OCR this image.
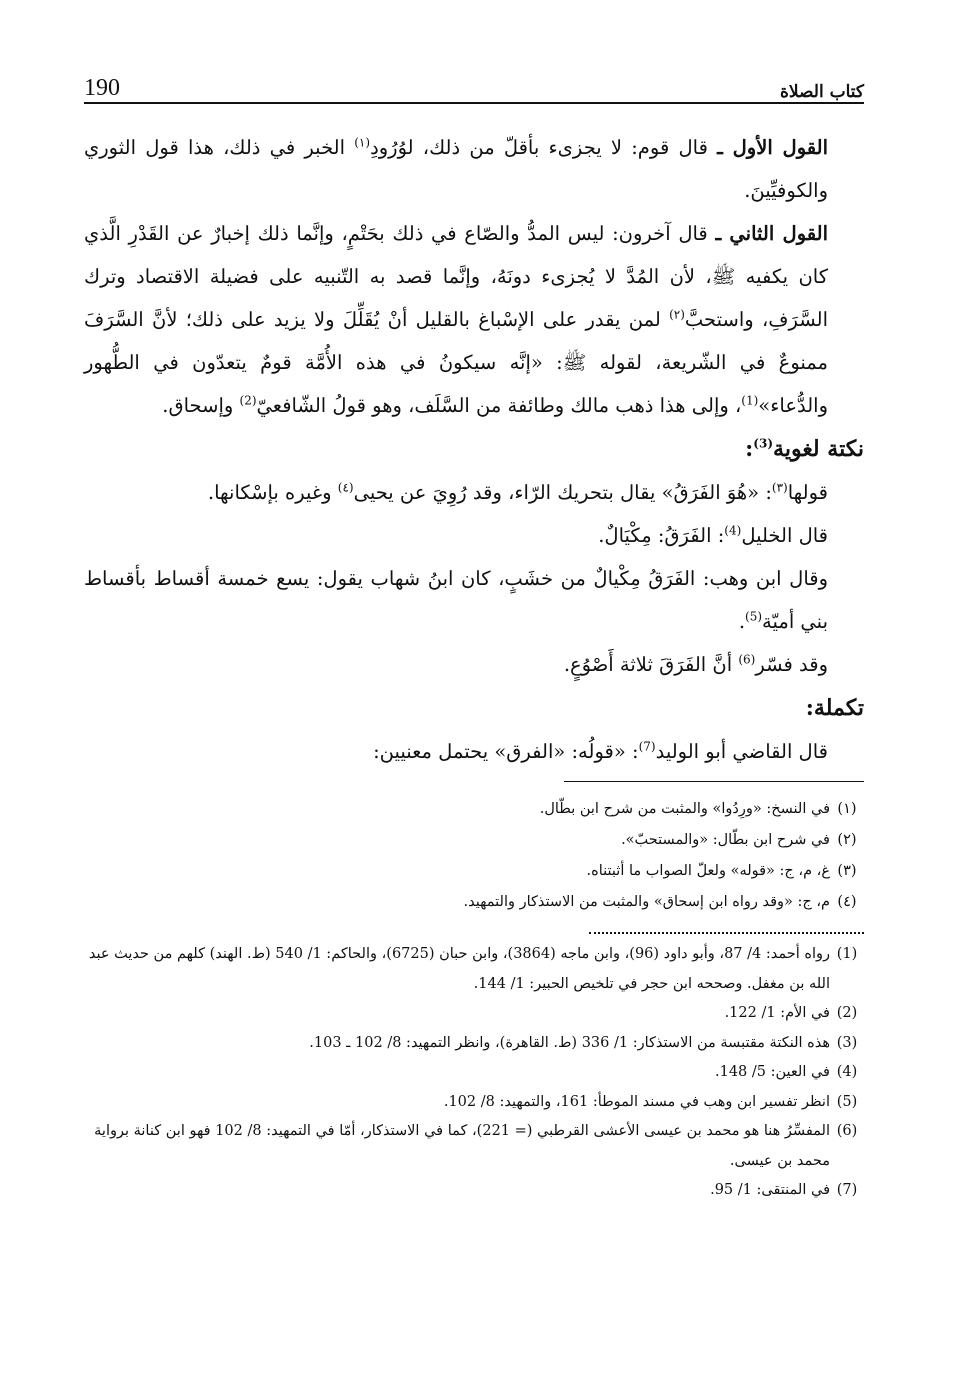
كتاب الصلاة
190

القول الأول ـ قال قوم: لا يجزىء بأقلّ من ذلك، لوُرُودِ$^{(١)}$ الخبر في ذلك، هذا قول الثوري والكوفيِّينَ.

القول الثاني ـ قال آخرون: ليس المدُّ والصّاع في ذلك بحَتْمٍ، وإنَّما ذلك إخبارٌ عن القَدْرِ الَّذي كان يكفيه ﷺ، لأن المُدَّ لا يُجزىء دونَهُ، وإنَّما قصد به التّنبيه على فضيلة الاقتصاد وترك السَّرَفِ، واستحبَّ$^{(٢)}$ لمن يقدر على الإسْباغ بالقليل أنْ يُقَلِّلَ ولا يزيد على ذلك؛ لأنَّ السَّرَفَ ممنوعٌ في الشّريعة، لقوله ﷺ: «إنَّه سيكونُ في هذه الأُمَّة قومٌ يتعدّون في الطُّهور والدُّعاء»$^{(1)}$، وإلى هذا ذهب مالك وطائفة من السَّلَف، وهو قولُ الشّافعيّ$^{(2)}$ وإسحاق.

نكتة لغوية$^{(3)}$:

قولها$^{(٣)}$: «هُوَ الفَرَقُ» يقال بتحريك الرّاء، وقد رُوِيَ عن يحيى$^{(٤)}$ وغيره بإسْكانها.

قال الخليل$^{(4)}$: الفَرَقُ: مِكْيَالٌ.

وقال ابن وهب: الفَرَقُ مِكْيالٌ من خشَبٍ، كان ابنُ شهاب يقول: يسع خمسة أقساط بأقساط بني أميّة$^{(5)}$.

وقد فسّر$^{(6)}$ أنَّ الفَرَقَ ثلاثة أَصْوُعٍ.

تكملة:

قال القاضي أبو الوليد$^{(7)}$: «قولُه: «الفرق» يحتمل معنيين:

(١)
في النسخ: «ورِدُوا» والمثبت من شرح ابن بطّال.
(٢)
في شرح ابن بطّال: «والمستحبّ».
(٣)
غ، م، ج: «قوله» ولعلّ الصواب ما أثبتناه.
(٤)
م، ج: «وقد رواه ابن إسحاق» والمثبت من الاستذكار والتمهيد.
(1)
رواه أحمد: 4/ 87، وأبو داود (96)، وابن ماجه (3864)، وابن حبان (6725)، والحاكم: 1/ 540 (ط. الهند) كلهم من حديث عبد الله بن مغفل. وصححه ابن حجر في تلخيص الحبير: 1/ 144.
(2)
في الأم: 1/ 122.
(3)
هذه النكتة مقتبسة من الاستذكار: 1/ 336 (ط. القاهرة)، وانظر التمهيد: 8/ 102 ـ 103.
(4)
في العين: 5/ 148.
(5)
انظر تفسير ابن وهب في مسند الموطأ: 161، والتمهيد: 8/ 102.
(6)
المفسِّرُ هنا هو محمد بن عيسى الأعشى القرطبي (= 221)، كما في الاستذكار، أمّا في التمهيد: 8/ 102 فهو ابن كنانة برواية محمد بن عيسى.
(7)
في المنتقى: 1/ 95.
